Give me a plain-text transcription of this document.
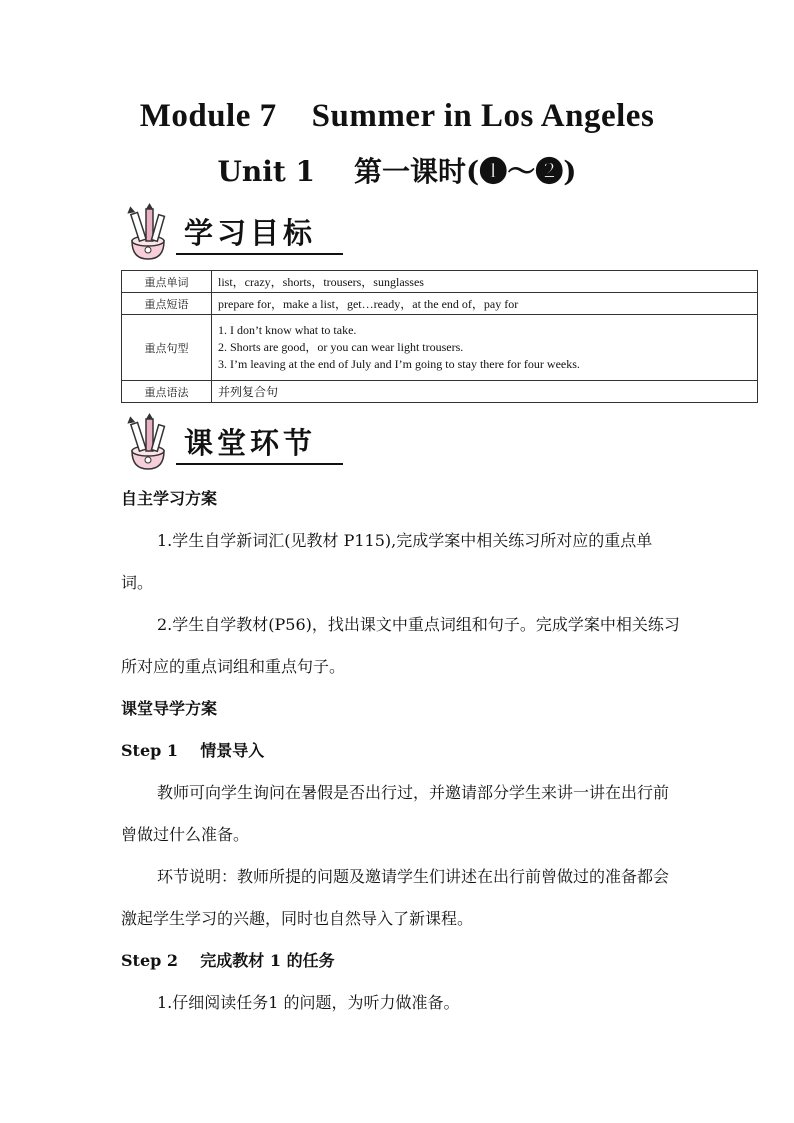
Module 7    Summer in Los Angeles
Unit 1    第一课时(❶～❷)
学习目标
重点单词	list，crazy，shorts，trousers，sunglasses
重点短语	prepare for，make a list，get…ready，at the end of，pay for
重点句型	1. I don’t know what to take.
2. Shorts are good，or you can wear light trousers.
3. I’m leaving at the end of July and I’m going to stay there for four weeks.

重点语法	并列复合句
课堂环节

自主学习方案

1.学生自学新词汇(见教材 P115),完成学案中相关练习所对应的重点单词。

2.学生自学教材(P56)，找出课文中重点词组和句子。完成学案中相关练习所对应的重点词组和重点句子。

课堂导学方案

Step 1    情景导入

教师可向学生询问在暑假是否出行过，并邀请部分学生来讲一讲在出行前曾做过什么准备。

环节说明：教师所提的问题及邀请学生们讲述在出行前曾做过的准备都会激起学生学习的兴趣，同时也自然导入了新课程。

Step 2    完成教材 1 的任务

1.仔细阅读任务1 的问题，为听力做准备。
